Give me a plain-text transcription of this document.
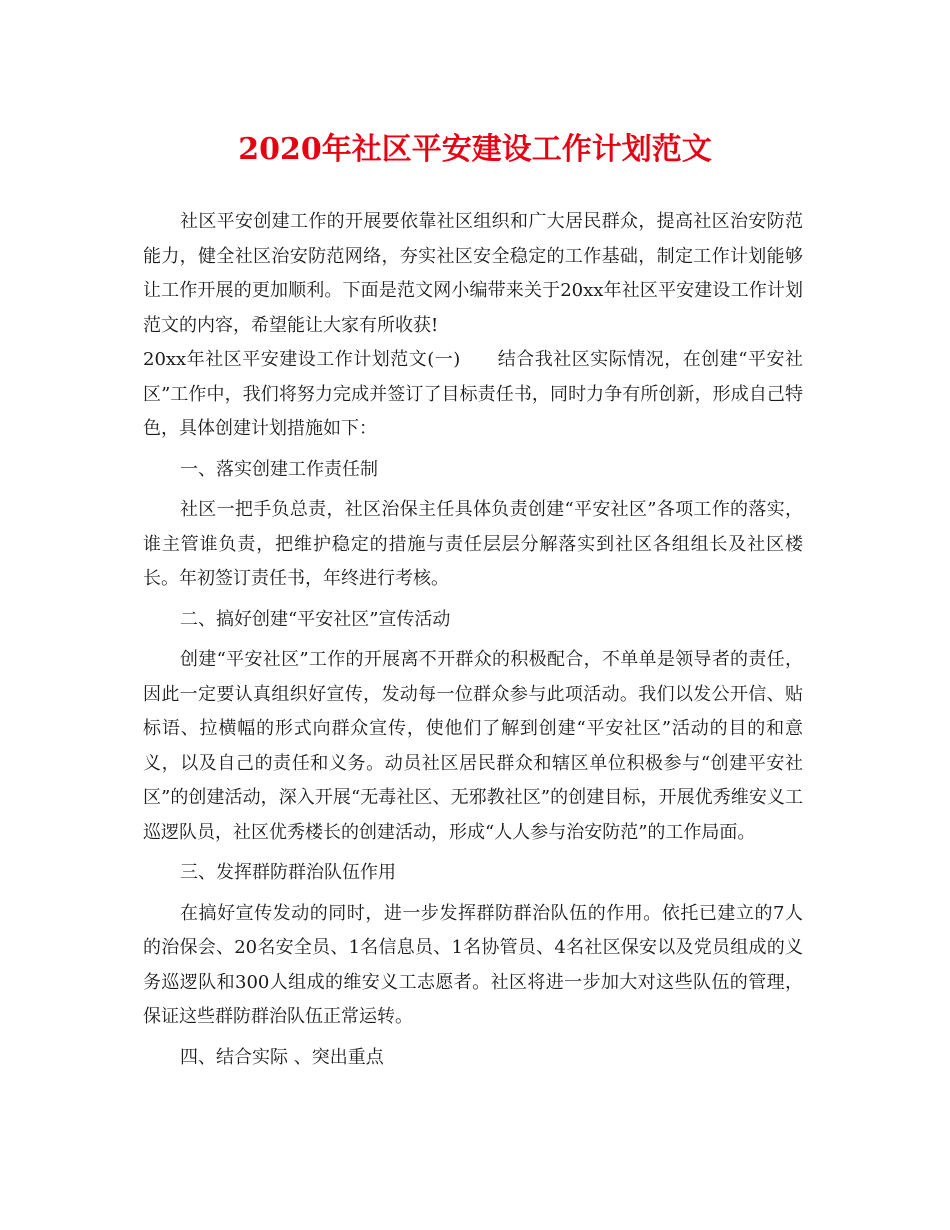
2020年社区平安建设工作计划范文

社区平安创建工作的开展要依靠社区组织和广大居民群众，提高社区治安防范能力，健全社区治安防范网络，夯实社区安全稳定的工作基础，制定工作计划能够让工作开展的更加顺利。下面是范文网小编带来关于20xx年社区平安建设工作计划范文的内容，希望能让大家有所收获!

20xx年社区平安建设工作计划范文(一)　　结合我社区实际情况，在创建“平安社区”工作中，我们将努力完成并签订了目标责任书，同时力争有所创新，形成自己特色，具体创建计划措施如下：

一、落实创建工作责任制

社区一把手负总责，社区治保主任具体负责创建“平安社区”各项工作的落实，谁主管谁负责，把维护稳定的措施与责任层层分解落实到社区各组组长及社区楼长。年初签订责任书，年终进行考核。

二、搞好创建“平安社区”宣传活动

创建“平安社区”工作的开展离不开群众的积极配合，不单单是领导者的责任，因此一定要认真组织好宣传，发动每一位群众参与此项活动。我们以发公开信、贴标语、拉横幅的形式向群众宣传，使他们了解到创建“平安社区”活动的目的和意义，以及自己的责任和义务。动员社区居民群众和辖区单位积极参与“创建平安社区”的创建活动，深入开展“无毒社区、无邪教社区”的创建目标，开展优秀维安义工巡逻队员，社区优秀楼长的创建活动，形成“人人参与治安防范”的工作局面。

三、发挥群防群治队伍作用

在搞好宣传发动的同时，进一步发挥群防群治队伍的作用。依托已建立的7人的治保会、20名安全员、1名信息员、1名协管员、4名社区保安以及党员组成的义务巡逻队和300人组成的维安义工志愿者。社区将进一步加大对这些队伍的管理，保证这些群防群治队伍正常运转。

四、结合实际 、突出重点
